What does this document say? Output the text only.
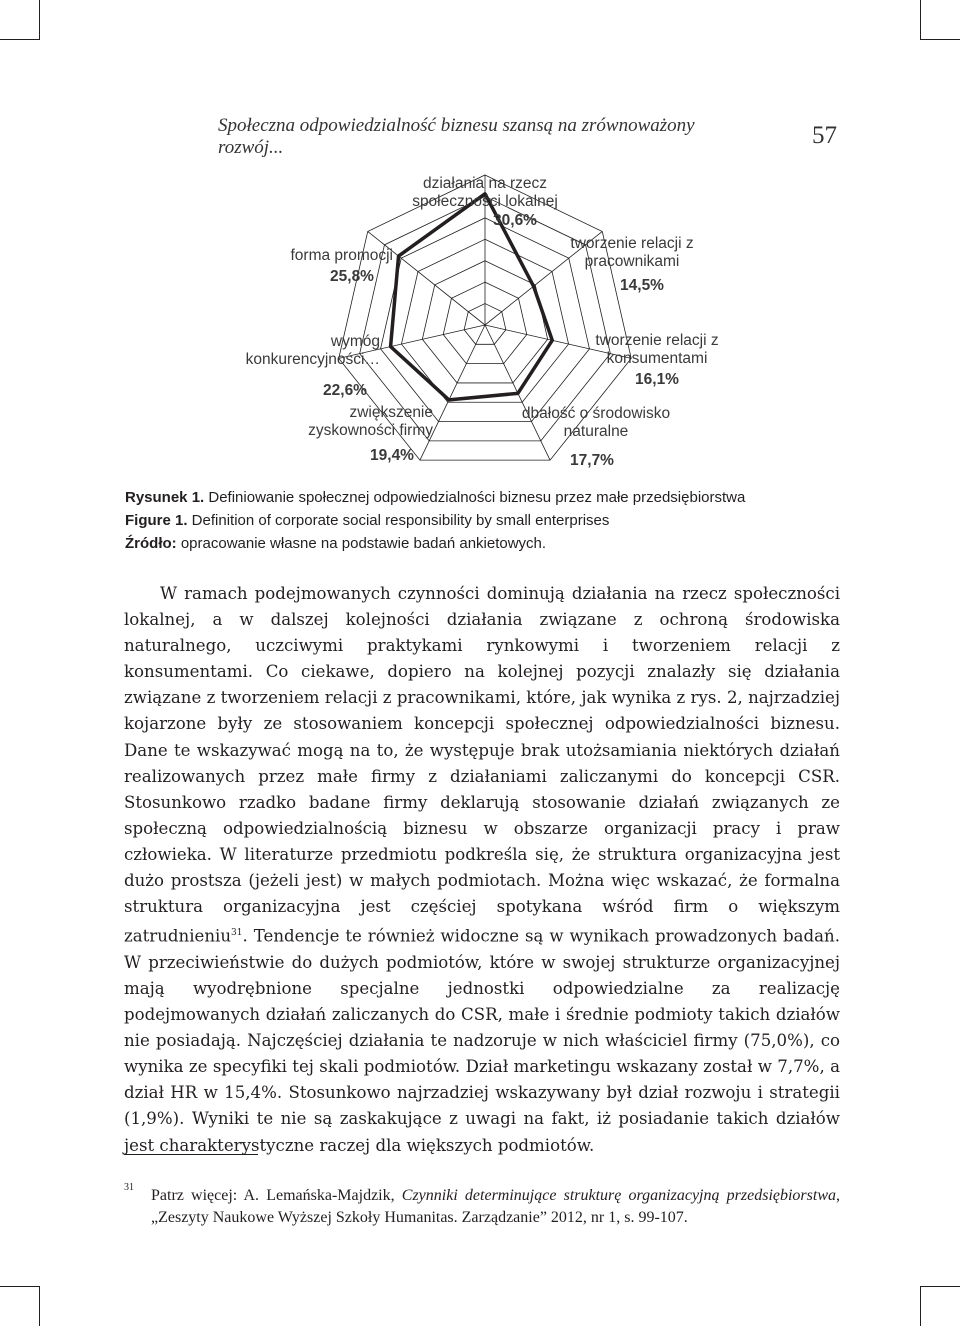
Społeczna odpowiedzialność biznesu szansą na zrównoważony rozwój...	57
działania na rzecz
społeczności lokalnej
30,6%
tworzenie relacji z
pracownikami
14,5%
tworzenie relacji z
konsumentami
16,1%
dbałość o środowisko
naturalne
17,7%
zwiększenie
zyskowności firmy
19,4%
wymóg
konkurencyjności…
22,6%
forma promocji
25,8%
Rysunek 1. Definiowanie społecznej odpowiedzialności biznesu przez małe przedsiębiorstwa
Figure 1. Definition of corporate social responsibility by small enterprises
Źródło: opracowanie własne na podstawie badań ankietowych.

W ramach podejmowanych czynności dominują działania na rzecz społeczności lokalnej, a w dalszej kolejności działania związane z ochroną środowiska naturalnego, uczciwymi praktykami rynkowymi i tworzeniem relacji z konsumentami. Co ciekawe, dopiero na kolejnej pozycji znalazły się działania związane z tworzeniem relacji z pracownikami, które, jak wynika z rys. 2, najrzadziej kojarzone były ze stosowaniem koncepcji społecznej odpowiedzialności biznesu. Dane te wskazywać mogą na to, że występuje brak utożsamiania niektórych działań realizowanych przez małe firmy z działaniami zaliczanymi do koncepcji CSR. Stosunkowo rzadko badane firmy deklarują stosowanie działań związanych ze społeczną odpowiedzialnością biznesu w obszarze organizacji pracy i praw człowieka. W literaturze przedmiotu podkreśla się, że struktura organizacyjna jest dużo prostsza (jeżeli jest) w małych podmiotach. Można więc wskazać, że formalna struktura organizacyjna jest częściej spotykana wśród firm o większym zatrudnieniu$^{31}$. Tendencje te również widoczne są w wynikach prowadzonych badań. W przeciwieństwie do dużych podmiotów, które w swojej strukturze organizacyjnej mają wyodrębnione specjalne jednostki odpowiedzialne za realizację podejmowanych działań zaliczanych do CSR, małe i średnie podmioty takich działów nie posiadają. Najczęściej działania te nadzoruje w nich właściciel firmy (75,0%), co wynika ze specyfiki tej skali podmiotów. Dział marketingu wskazany został w 7,7%, a dział HR w 15,4%. Stosunkowo najrzadziej wskazywany był dział rozwoju i strategii (1,9%). Wyniki te nie są zaskakujące z uwagi na fakt, iż posiadanie takich działów jest charakterystyczne raczej dla większych podmiotów.

31 Patrz więcej: A. Lemańska-Majdzik, Czynniki determinujące strukturę organizacyjną przedsiębiorstwa, „Zeszyty Naukowe Wyższej Szkoły Humanitas. Zarządzanie” 2012, nr 1, s. 99-107.
